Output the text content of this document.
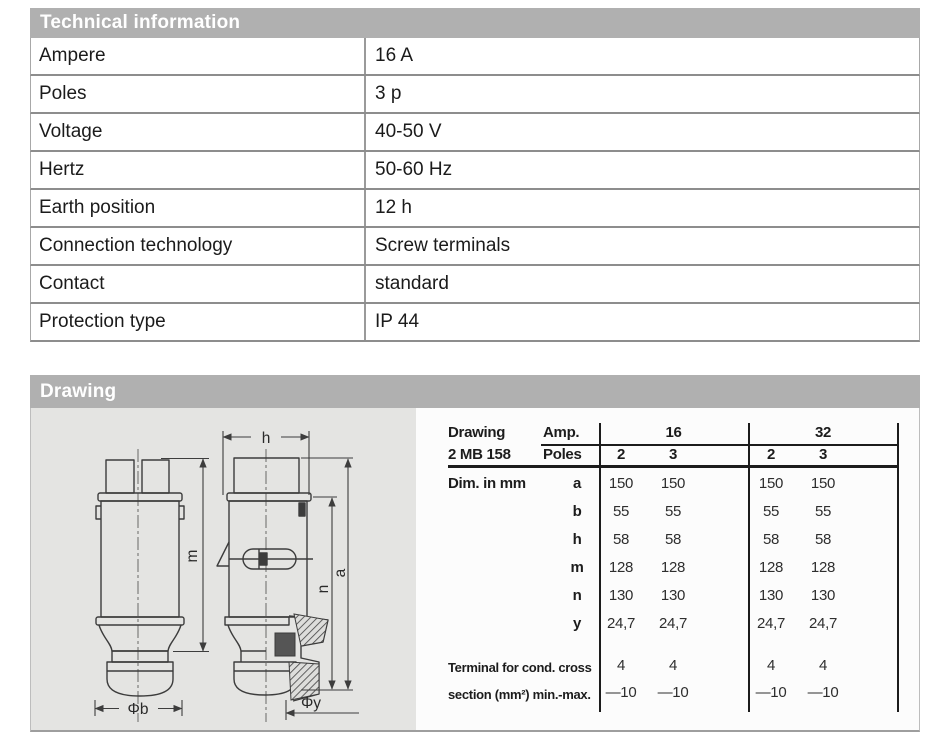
Technical information
Ampere	16 A
Poles	3 p
Voltage	40-50 V
Hertz	50-60 Hz
Earth position	12 h
Connection technology	Screw terminals
Contact	standard
Protection type	IP 44
Drawing
m
Φb
h
a
n
Φy
Drawing	Amp.	16	32
2 MB 158 Poles	2	3	2	3
Dim. in mm	a	150	150	150	150
b	55	55	55	55
h	58	58	58	58
m	128	128	128	128
n	130	130	130	130
y	24,7	24,7	24,7	24,7
Terminal for cond. cross	4	4	4	4
section (mm²) min.-max. —10	—10	—10	—10
